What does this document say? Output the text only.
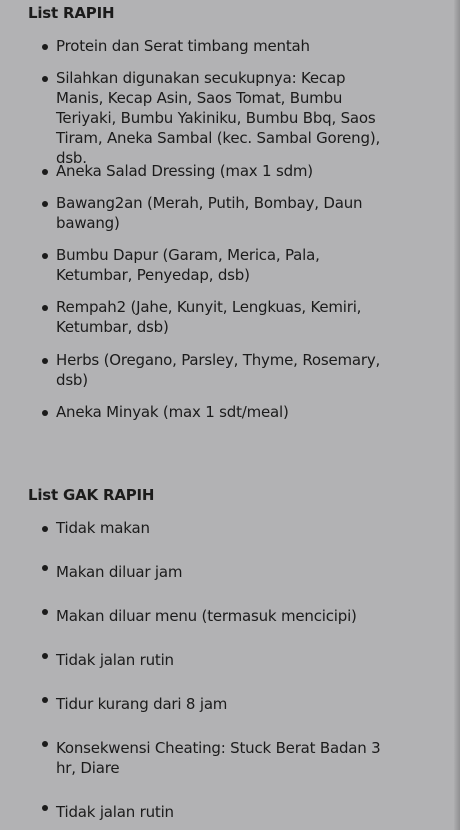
List RAPIH
Protein dan Serat timbang mentah
Silahkan digunakan secukupnya: Kecap Manis, Kecap Asin, Saos Tomat, Bumbu Teriyaki, Bumbu Yakiniku, Bumbu Bbq, Saos Tiram, Aneka Sambal (kec. Sambal Goreng), dsb.
Aneka Salad Dressing (max 1 sdm)
Bawang2an (Merah, Putih, Bombay, Daun bawang)
Bumbu Dapur (Garam, Merica, Pala, Ketumbar, Penyedap, dsb)
Rempah2 (Jahe, Kunyit, Lengkuas, Kemiri, Ketumbar, dsb)
Herbs (Oregano, Parsley, Thyme, Rosemary, dsb)
Aneka Minyak (max 1 sdt/meal)
List GAK RAPIH
Tidak makan
Makan diluar jam
Makan diluar menu (termasuk mencicipi)
Tidak jalan rutin
Tidur kurang dari 8 jam
Konsekwensi Cheating: Stuck Berat Badan 3 hr, Diare
Tidak jalan rutin
